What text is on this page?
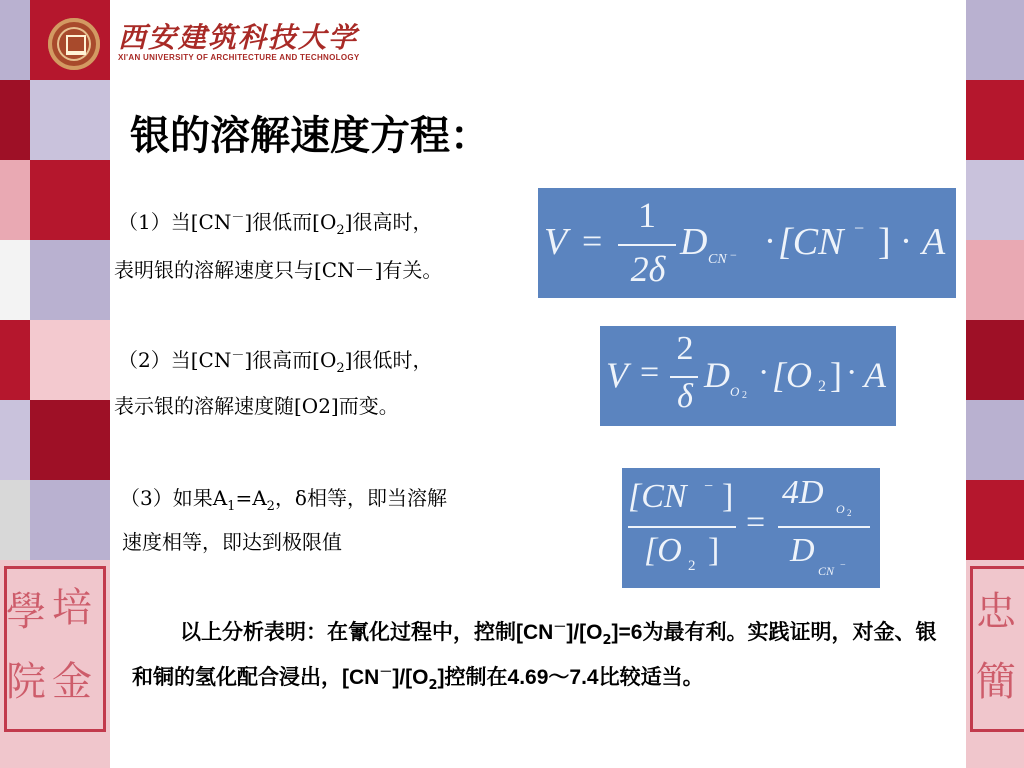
學 培
院 金
忠
簡
西安建筑科技大学
XI'AN UNIVERSITY OF ARCHITECTURE AND TECHNOLOGY
银的溶解速度方程：
（1）当[CN－]很低而$[O_2]$很高时，
表明银的溶解速度只与[CN－]有关。
V =
1
2δ
D CN − · [CN − ] · A
（2）当[CN－]很高而$[O_2]$很低时，
表示银的溶解速度随[O2]而变。
V =
2
δ
D O 2
· [O 2 ] · A
（3）如果$A_1=A_2$，δ相等，即当溶解
速度相等，即达到极限值
[CN − ]
[O 2 ]
=
4D O 2
D
CN −
以上分析表明：在氰化过程中，控制$[CN^-]/[O_2]=6$为最有利。实践证明，对金、银和铜的氢化配合浸出，$[CN^-]/[O_2]$控制在4.69～7.4比较适当。
